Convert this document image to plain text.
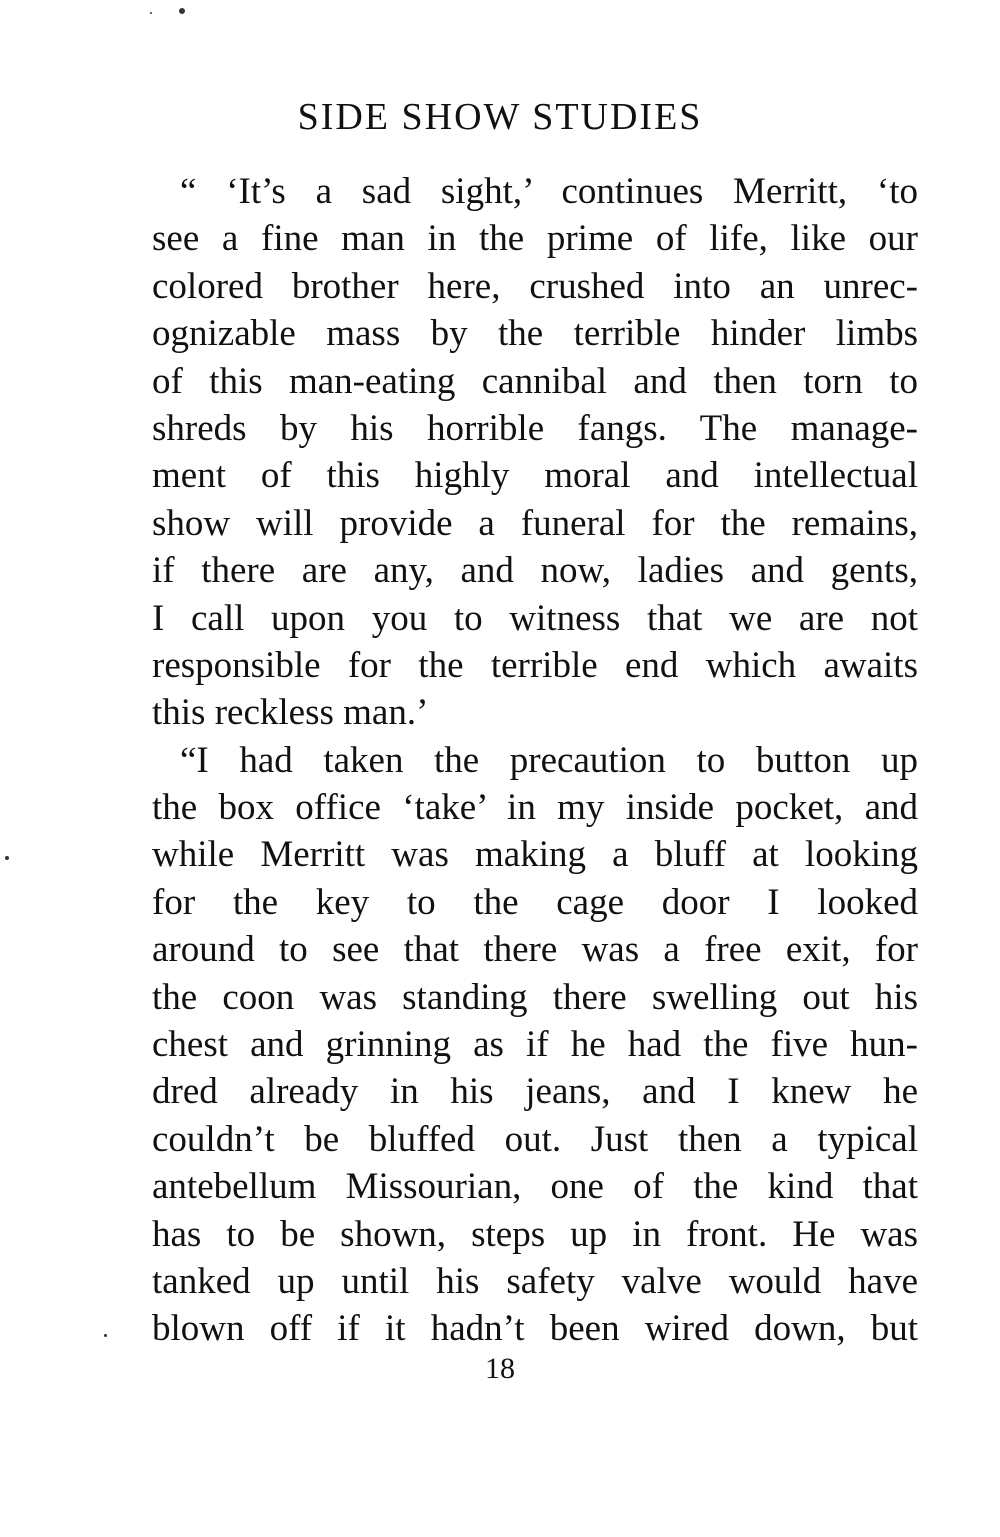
SIDE SHOW STUDIES

“ ‘It’s a sad sight,’ continues Merritt, ‘to
see a fine man in the prime of life, like our
colored brother here, crushed into an unrec-
ognizable mass by the terrible hinder limbs
of this man-eating cannibal and then torn to
shreds by his horrible fangs. The manage-
ment of this highly moral and intellectual
show will provide a funeral for the remains,
if there are any, and now, ladies and gents,
I call upon you to witness that we are not
responsible for the terrible end which awaits
this reckless man.’

“I had taken the precaution to button up
the box office ‘take’ in my inside pocket, and
while Merritt was making a bluff at looking
for the key to the cage door I looked
around to see that there was a free exit, for
the coon was standing there swelling out his
chest and grinning as if he had the five hun-
dred already in his jeans, and I knew he
couldn’t be bluffed out. Just then a typical
antebellum Missourian, one of the kind that
has to be shown, steps up in front. He was
tanked up until his safety valve would have
blown off if it hadn’t been wired down, but

18
